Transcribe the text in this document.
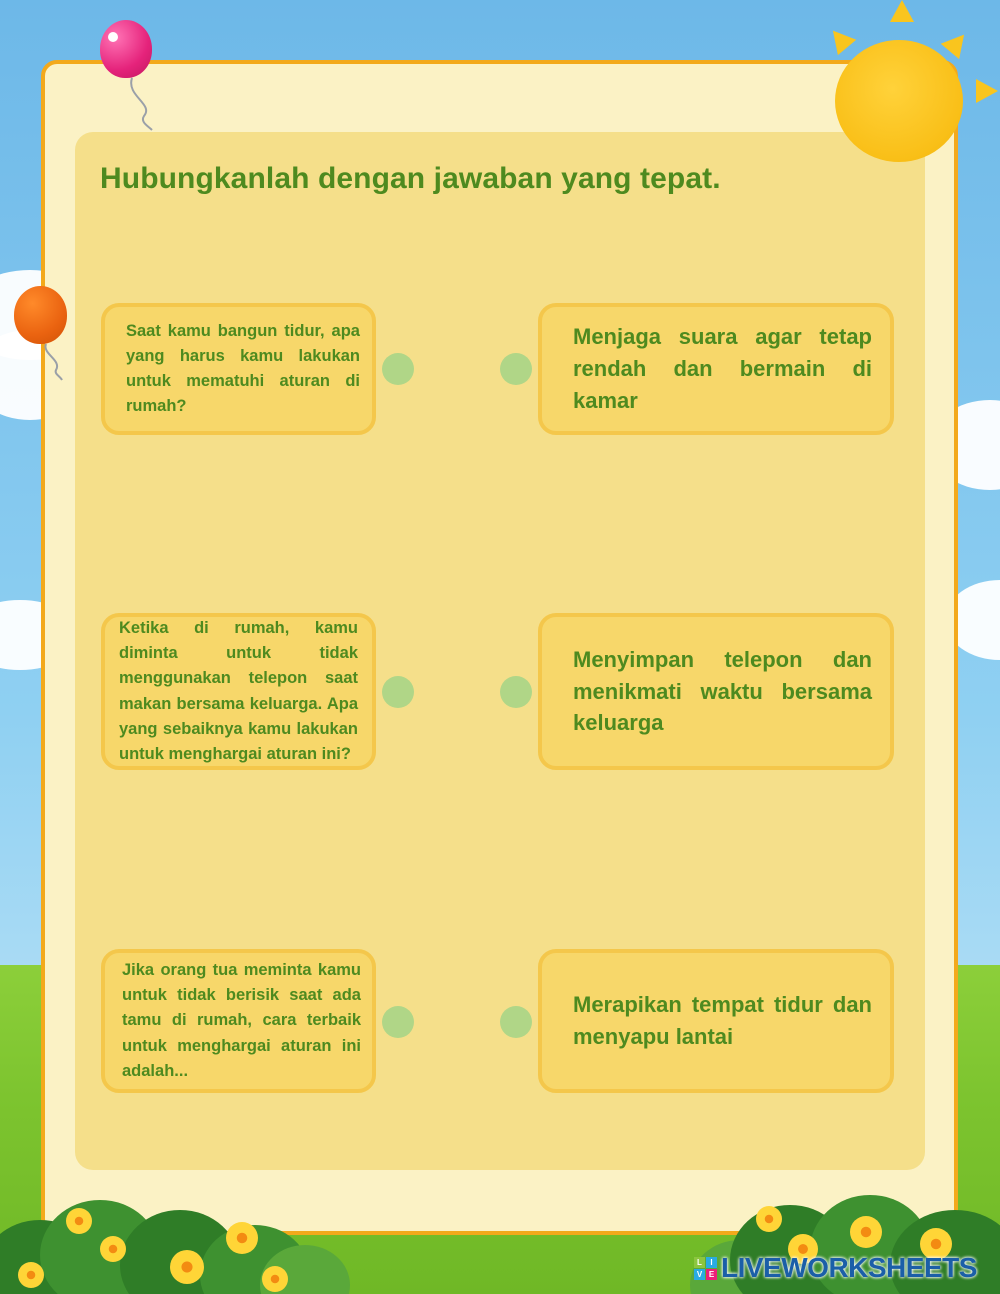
Hubungkanlah dengan jawaban yang tepat.
Saat kamu bangun tidur, apa yang harus kamu lakukan untuk mematuhi aturan di rumah?
Ketika di rumah, kamu diminta untuk tidak menggunakan telepon saat makan bersama keluarga. Apa yang sebaiknya kamu lakukan untuk menghargai aturan ini?
Jika orang tua meminta kamu untuk tidak berisik saat ada tamu di rumah, cara terbaik untuk menghargai aturan ini adalah...
Menjaga suara agar tetap rendah dan bermain di kamar
Menyimpan telepon dan menikmati waktu bersama keluarga
Merapikan tempat tidur dan menyapu lantai
L	I
V E LIVEWORKSHEETS
